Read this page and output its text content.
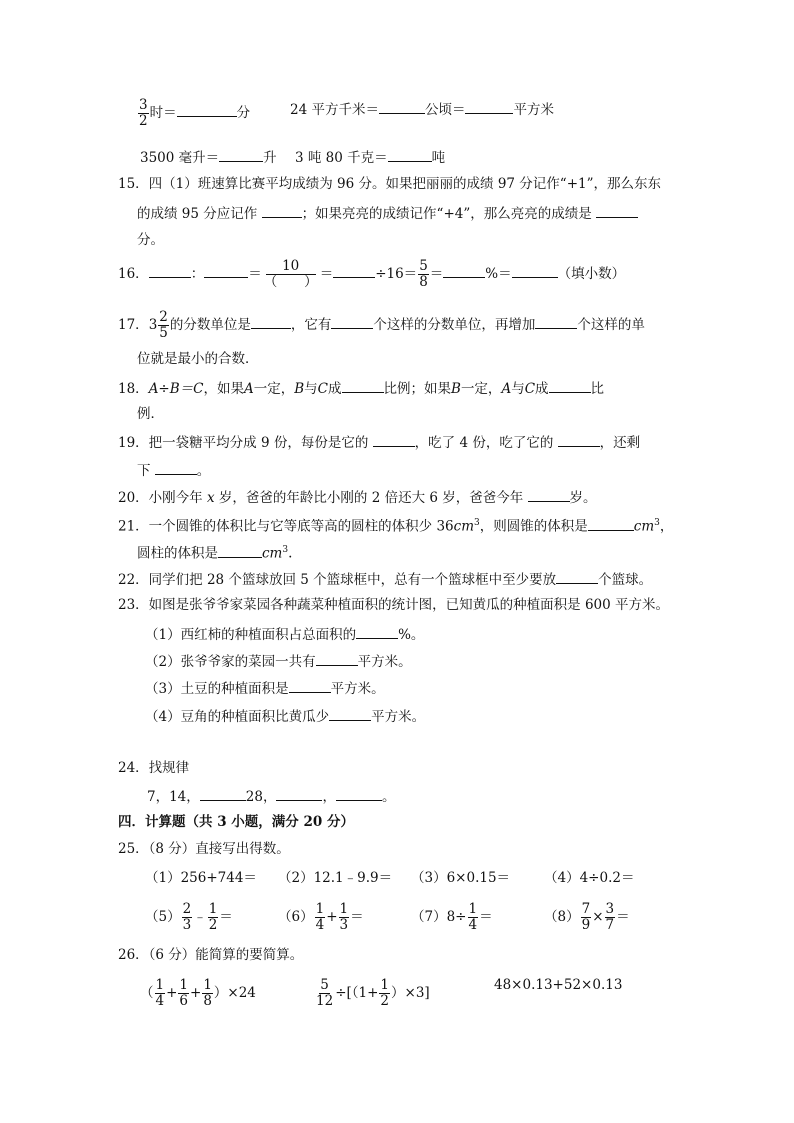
$\frac{3}{2}$ 时＝	分	24 平方千米＝	公顷＝	平方米
3500 毫升＝	升 3 吨 80 千克＝	吨
15．四（1）班速算比赛平均成绩为 96 分。如果把丽丽的成绩 97 分记作“+1”，那么东东
的成绩 95 分应记作	；如果亮亮的成绩记作“+4”，那么亮亮的成绩是
分。
16．	：	＝	10
（　　） ＝	$\div 16= \frac{5}{8}$ ＝	%＝	（填小数）
17．$3 \frac{2}{5}$ 的分数单位是	，它有	个这样的分数单位，再增加	个这样的单
位就是最小的合数．
18．A÷B＝C，如果A一定，B与C成	比例；如果B一定，A与C成	比
例．
19．把一袋糖平均分成 9 份，每份是它的	，吃了 4 份，吃了它的	，还剩
下	。
20．小刚今年 x 岁，爸爸的年龄比小刚的 2 倍还大 6 岁，爸爸今年	岁。
21．一个圆锥的体积比与它等底等高的圆柱的体积少 $36cm^3$，则圆锥的体积是	$cm^3$，
圆柱的体积是	$cm^3$.
22．同学们把 28 个篮球放回 5 个篮球框中，总有一个篮球框中至少要放	个篮球。
23．如图是张爷爷家菜园各种蔬菜种植面积的统计图，已知黄瓜的种植面积是 600 平方米。
（1）西红柿的种植面积占总面积的	%。
（2）张爷爷家的菜园一共有	平方米。
（3）土豆的种植面积是	平方米。
（4）豆角的种植面积比黄瓜少	平方米。
24．找规律
7，14，	28，	，	。
四．计算题（共 3 小题，满分 20 分）
25．（8 分）直接写出得数。
（1）256+744＝ （2）12.1﹣9.9＝ （3）6×0.15＝	（4）4÷0.2＝
$(5) \frac{2}{3}$ ﹣ $\frac{1}{2}$ ＝	$(6) \frac{1}{4} + \frac{1}{3}$ ＝	$(7)8\div \frac{1}{4}$ ＝	$(8) \frac{7}{9} \times \frac{3}{7}$ ＝
26．（6 分）能简算的要简算。
（ $\frac{1}{4} + \frac{1}{6} + \frac{1}{8} )\times 24$	$\frac{5}{12} \div[(1+ \frac{1}{2} )\times 3]$	48×0.13+52×0.13
